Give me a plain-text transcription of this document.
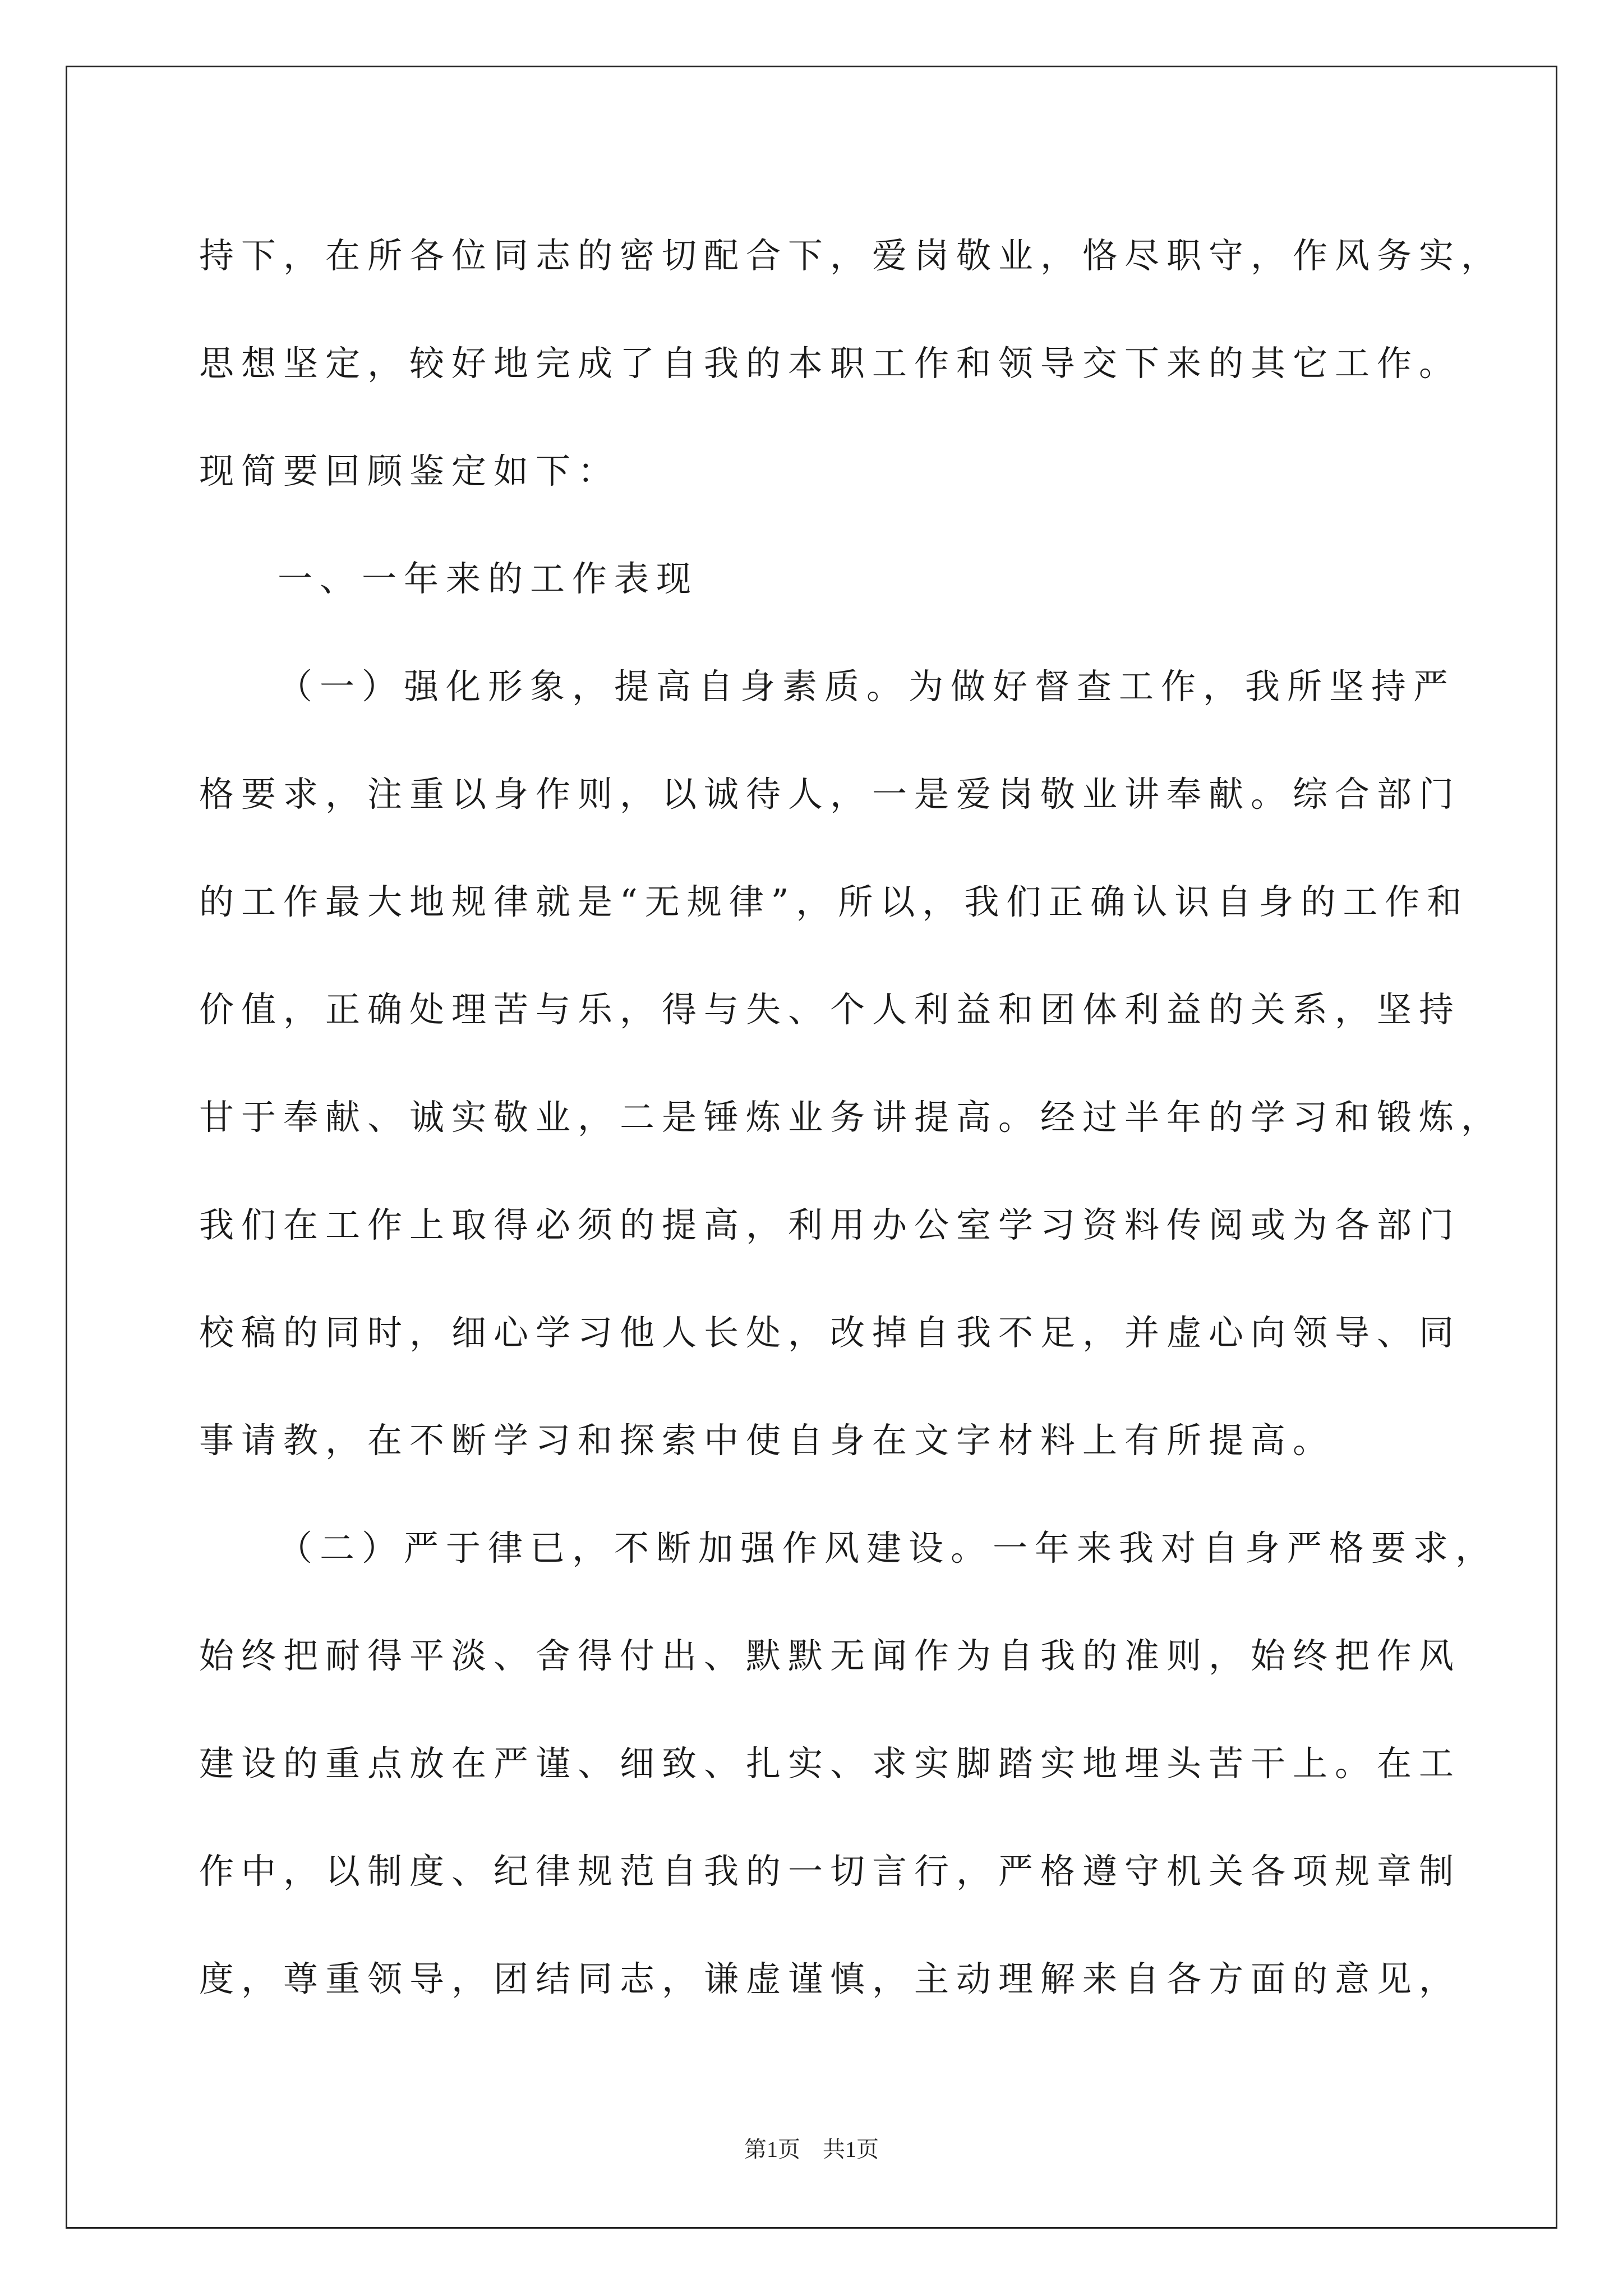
持下，在所各位同志的密切配合下，爱岗敬业，恪尽职守，作风务实，
思想坚定，较好地完成了自我的本职工作和领导交下来的其它工作。
现简要回顾鉴定如下：
一、一年来的工作表现
（一）强化形象，提高自身素质。为做好督查工作，我所坚持严
格要求，注重以身作则，以诚待人，一是爱岗敬业讲奉献。综合部门
的工作最大地规律就是“无规律”，所以，我们正确认识自身的工作和
价值，正确处理苦与乐，得与失、个人利益和团体利益的关系，坚持
甘于奉献、诚实敬业，二是锤炼业务讲提高。经过半年的学习和锻炼，
我们在工作上取得必须的提高，利用办公室学习资料传阅或为各部门
校稿的同时，细心学习他人长处，改掉自我不足，并虚心向领导、同
事请教，在不断学习和探索中使自身在文字材料上有所提高。
（二）严于律已，不断加强作风建设。一年来我对自身严格要求，
始终把耐得平淡、舍得付出、默默无闻作为自我的准则，始终把作风
建设的重点放在严谨、细致、扎实、求实脚踏实地埋头苦干上。在工
作中，以制度、纪律规范自我的一切言行，严格遵守机关各项规章制
度，尊重领导，团结同志，谦虚谨慎，主动理解来自各方面的意见，
第1页　共1页
